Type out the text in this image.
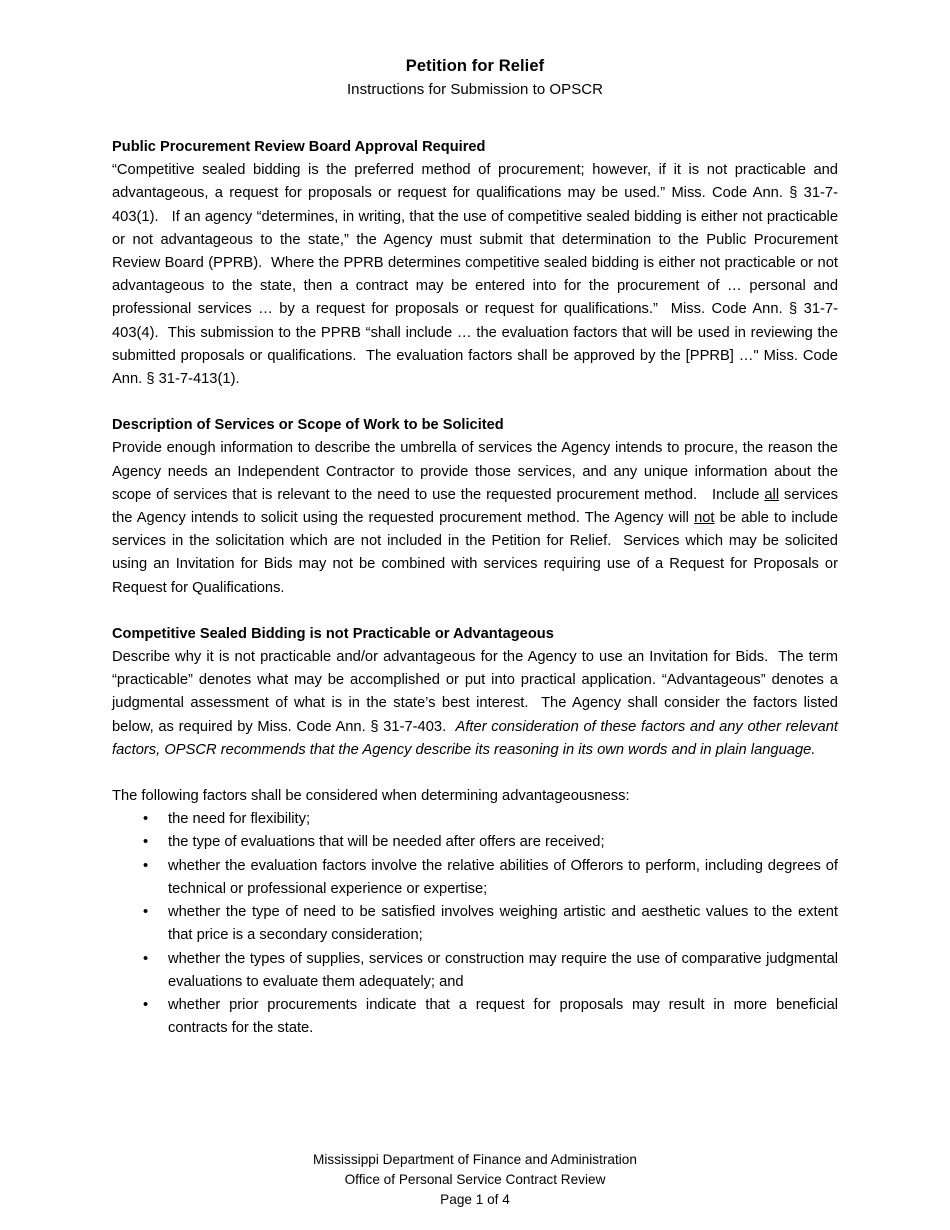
Petition for Relief
Instructions for Submission to OPSCR
Public Procurement Review Board Approval Required

“Competitive sealed bidding is the preferred method of procurement; however, if it is not practicable and advantageous, a request for proposals or request for qualifications may be used.” Miss. Code Ann. § 31-7-403(1).   If an agency “determines, in writing, that the use of competitive sealed bidding is either not practicable or not advantageous to the state,” the Agency must submit that determination to the Public Procurement Review Board (PPRB).  Where the PPRB determines competitive sealed bidding is either not practicable or not advantageous to the state, then a contract may be entered into for the procurement of … personal and professional services … by a request for proposals or request for qualifications.”  Miss. Code Ann. § 31-7-403(4).  This submission to the PPRB “shall include … the evaluation factors that will be used in reviewing the submitted proposals or qualifications.  The evaluation factors shall be approved by the [PPRB] …" Miss. Code Ann. § 31-7-413(1).

Description of Services or Scope of Work to be Solicited

Provide enough information to describe the umbrella of services the Agency intends to procure, the reason the Agency needs an Independent Contractor to provide those services, and any unique information about the scope of services that is relevant to the need to use the requested procurement method.   Include all services the Agency intends to solicit using the requested procurement method. The Agency will not be able to include services in the solicitation which are not included in the Petition for Relief.  Services which may be solicited using an Invitation for Bids may not be combined with services requiring use of a Request for Proposals or Request for Qualifications.

Competitive Sealed Bidding is not Practicable or Advantageous

Describe why it is not practicable and/or advantageous for the Agency to use an Invitation for Bids.  The term “practicable” denotes what may be accomplished or put into practical application. “Advantageous” denotes a judgmental assessment of what is in the state’s best interest.  The Agency shall consider the factors listed below, as required by Miss. Code Ann. § 31-7-403.  After consideration of these factors and any other relevant factors, OPSCR recommends that the Agency describe its reasoning in its own words and in plain language.

The following factors shall be considered when determining advantageousness:

• the need for flexibility;
• the type of evaluations that will be needed after offers are received;
• whether the evaluation factors involve the relative abilities of Offerors to perform, including degrees of technical or professional experience or expertise;
• whether the type of need to be satisfied involves weighing artistic and aesthetic values to the extent that price is a secondary consideration;
• whether the types of supplies, services or construction may require the use of comparative judgmental evaluations to evaluate them adequately; and
• whether prior procurements indicate that a request for proposals may result in more beneficial contracts for the state.

Mississippi Department of Finance and Administration

Office of Personal Service Contract Review

Page 1 of 4
